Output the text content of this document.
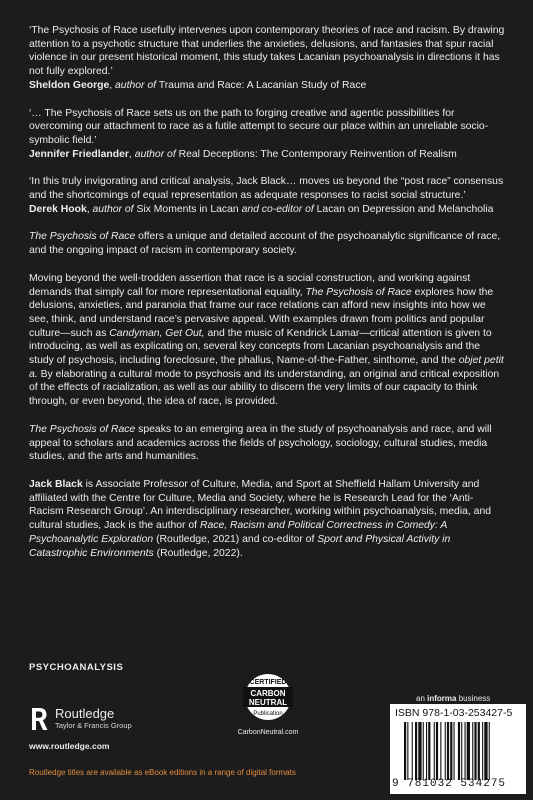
‘The Psychosis of Race usefully intervenes upon contemporary theories of race and racism. By drawing attention to a psychotic structure that underlies the anxieties, delusions, and fantasies that spur racial violence in our present historical moment, this study takes Lacanian psychoanalysis in directions it has not fully explored.’
Sheldon George, author of Trauma and Race: A Lacanian Study of Race
‘… The Psychosis of Race sets us on the path to forging creative and agentic possibilities for overcoming our attachment to race as a futile attempt to secure our place within an unreliable socio-symbolic field.’
Jennifer Friedlander, author of Real Deceptions: The Contemporary Reinvention of Realism
‘In this truly invigorating and critical analysis, Jack Black… moves us beyond the “post race” consensus and the shortcomings of equal representation as adequate responses to racist social structure.’
Derek Hook, author of Six Moments in Lacan and co-editor of Lacan on Depression and Melancholia

The Psychosis of Race offers a unique and detailed account of the psychoanalytic significance of race, and the ongoing impact of racism in contemporary society.

Moving beyond the well-trodden assertion that race is a social construction, and working against demands that simply call for more representational equality, The Psychosis of Race explores how the delusions, anxieties, and paranoia that frame our race relations can afford new insights into how we see, think, and understand race’s pervasive appeal. With examples drawn from politics and popular culture—such as Candyman, Get Out, and the music of Kendrick Lamar—critical attention is given to introducing, as well as explicating on, several key concepts from Lacanian psychoanalysis and the study of psychosis, including foreclosure, the phallus, Name-of-the-Father, sinthome, and the objet petit a. By elaborating a cultural mode to psychosis and its understanding, an original and critical exposition of the effects of racialization, as well as our ability to discern the very limits of our capacity to think through, or even beyond, the idea of race, is provided.

The Psychosis of Race speaks to an emerging area in the study of psychoanalysis and race, and will appeal to scholars and academics across the fields of psychology, sociology, cultural studies, media studies, and the arts and humanities.

Jack Black is Associate Professor of Culture, Media, and Sport at Sheffield Hallam University and affiliated with the Centre for Culture, Media and Society, where he is Research Lead for the ‘Anti-Racism Research Group’. An interdisciplinary researcher, working within psychoanalysis, media, and cultural studies, Jack is the author of Race, Racism and Political Correctness in Comedy: A Psychoanalytic Exploration (Routledge, 2021) and co-editor of Sport and Physical Activity in Catastrophic Environments (Routledge, 2022).

PSYCHOANALYSIS
Routledge
Taylor & Francis Group
www.routledge.com
Routledge titles are available as eBook editions in a range of digital formats
CERTIFIED
CARBON
NEUTRAL
Publication
CarbonNeutral.com
an informa business
ISBN 978-1-03-253427-5
9 781032 534275
